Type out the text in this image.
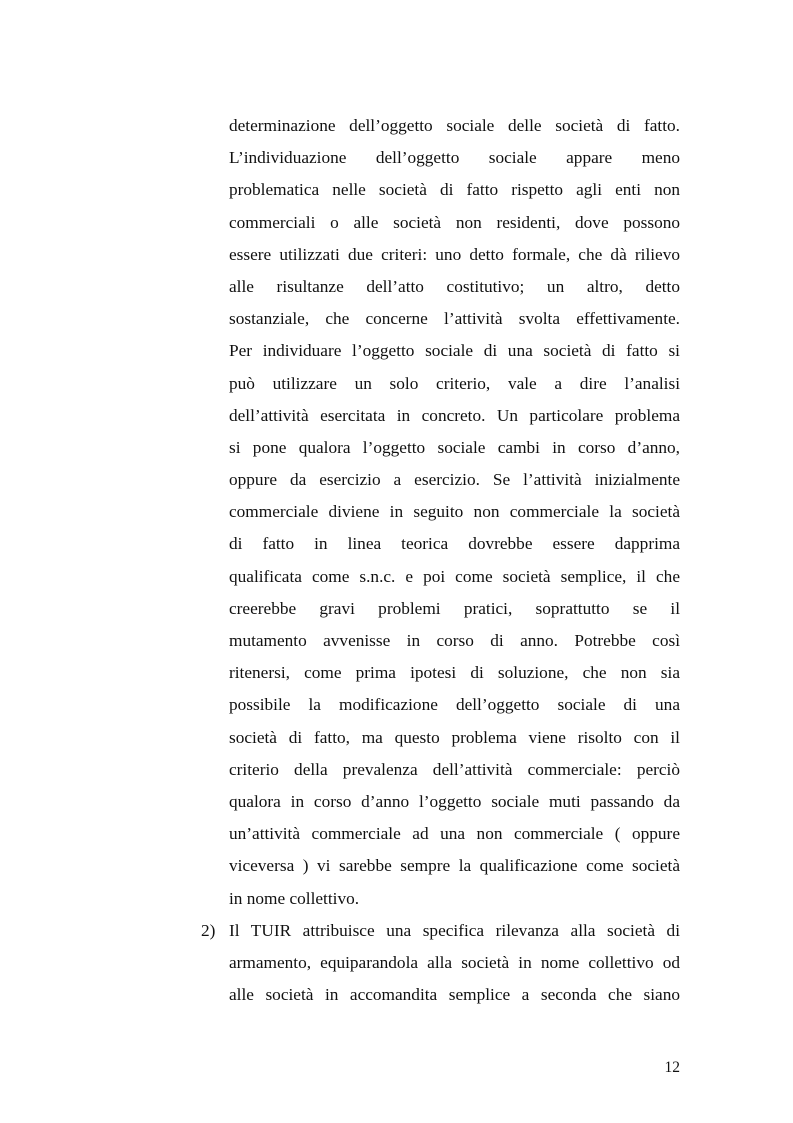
determinazione dell’oggetto sociale delle società di fatto.
L’individuazione dell’oggetto sociale appare meno
problematica nelle società di fatto rispetto agli enti non
commerciali o alle società non residenti, dove possono
essere utilizzati due criteri: uno detto formale, che dà rilievo
alle risultanze dell’atto costitutivo; un altro, detto
sostanziale, che concerne l’attività svolta effettivamente.
Per individuare l’oggetto sociale di una società di fatto si
può utilizzare un solo criterio, vale a dire l’analisi
dell’attività esercitata in concreto. Un particolare problema
si pone qualora l’oggetto sociale cambi in corso d’anno,
oppure da esercizio a esercizio. Se l’attività inizialmente
commerciale diviene in seguito non commerciale la società
di fatto in linea teorica dovrebbe essere dapprima
qualificata come s.n.c. e poi come società semplice, il che
creerebbe gravi problemi pratici, soprattutto se il
mutamento avvenisse in corso di anno. Potrebbe così
ritenersi, come prima ipotesi di soluzione, che non sia
possibile la modificazione dell’oggetto sociale di una
società di fatto, ma questo problema viene risolto con il
criterio della prevalenza dell’attività commerciale: perciò
qualora in corso d’anno l’oggetto sociale muti passando da
un’attività commerciale ad una non commerciale ( oppure
viceversa ) vi sarebbe sempre la qualificazione come società
in nome collettivo.
Il TUIR attribuisce una specifica rilevanza alla società di
armamento, equiparandola alla società in nome collettivo od
alle società in accomandita semplice a seconda che siano
2)
12
